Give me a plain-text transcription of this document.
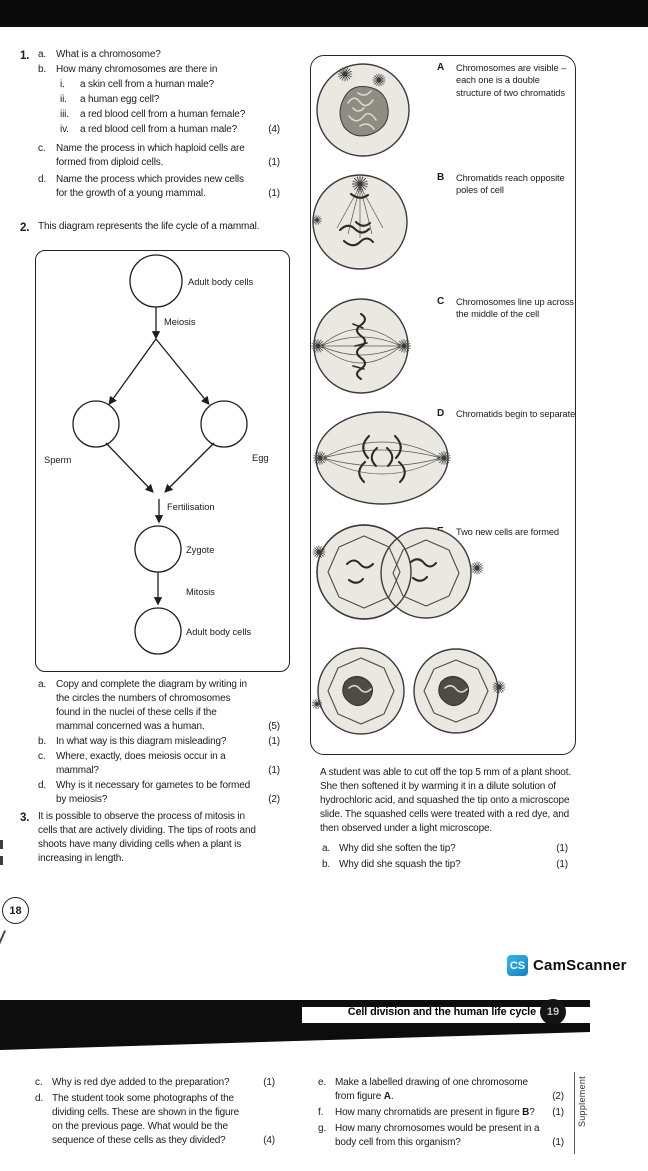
1. a. What is a chromosome?
b. How many chromosomes are there in
i. a skin cell from a human male?
ii. a human egg cell?
iii. a red blood cell from a human female?
iv. a red blood cell from a human male?	(4)
c. Name the process in which haploid cells are formed from diploid cells.	(1)
d. Name the process which provides new cells for the growth of a young mammal.	(1)
2. This diagram represents the life cycle of a mammal.
Adult body cells
Meiosis
Sperm	Egg
Fertilisation
Zygote
Mitosis
Adult body cells
a. Copy and complete the diagram by writing in the circles the numbers of chromosomes found in the nuclei of these cells if the mammal concerned was a human.	(5)
b. In what way is this diagram misleading?	(1)
c. Where, exactly, does meiosis occur in a mammal?	(1)
d. Why is it necessary for gametes to be formed by meiosis?	(2)
3. It is possible to observe the process of mitosis in cells that are actively dividing. The tips of roots and shoots have many dividing cells when a plant is increasing in length.
A Chromosomes are visible – each one is a double structure of two chromatids
B Chromatids reach opposite poles of cell
C Chromosomes line up across the middle of the cell
D Chromatids begin to separate
Two new cells are formed
A student was able to cut off the top 5 mm of a plant shoot. She then softened it by warming it in a dilute solution of hydrochloric acid, and squashed the tip onto a microscope slide. The squashed cells were treated with a red dye, and then observed under a light microscope.
a. Why did she soften the tip?	(1)
b. Why did she squash the tip?	(1)
18
CS CamScanner
Cell division and the human life cycle 19
c. Why is red dye added to the preparation?	(1)
d. The student took some photographs of the dividing cells. These are shown in the figure on the previous page. What would be the sequence of these cells as they divided?	(4)
e. Make a labelled drawing of one chromosome from figure A.	(2)
f. How many chromatids are present in figure B? (1)
g. How many chromosomes would be present in a body cell from this organism?	(1)
Supplement
